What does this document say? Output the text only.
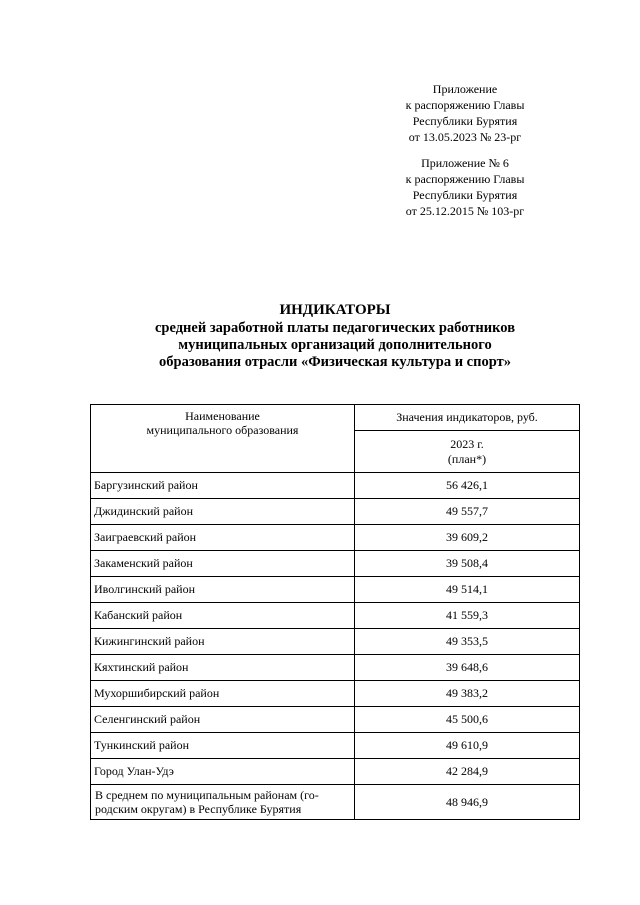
Приложение
к распоряжению Главы
Республики Бурятия
от 13.05.2023 № 23-рг
Приложение № 6
к распоряжению Главы
Республики Бурятия
от 25.12.2015 № 103-рг
ИНДИКАТОРЫ
средней заработной платы педагогических работников
муниципальных организаций дополнительного
образования отрасли «Физическая культура и спорт»
Наименование
муниципального образования	Значения индикаторов, руб.

	2023 г.
(план*)

Баргузинский район	56 426,1
Джидинский район	49 557,7
Заиграевский район	39 609,2
Закаменский район	39 508,4
Иволгинский район	49 514,1
Кабанский район	41 559,3
Кижингинский район	49 353,5
Кяхтинский район	39 648,6
Мухоршибирский район	49 383,2
Селенгинский район	45 500,6
Тункинский район	49 610,9
Город Улан-Удэ	42 284,9

В среднем по муниципальным районам (го-
родским округам) в Республике Бурятия	48 946,9
